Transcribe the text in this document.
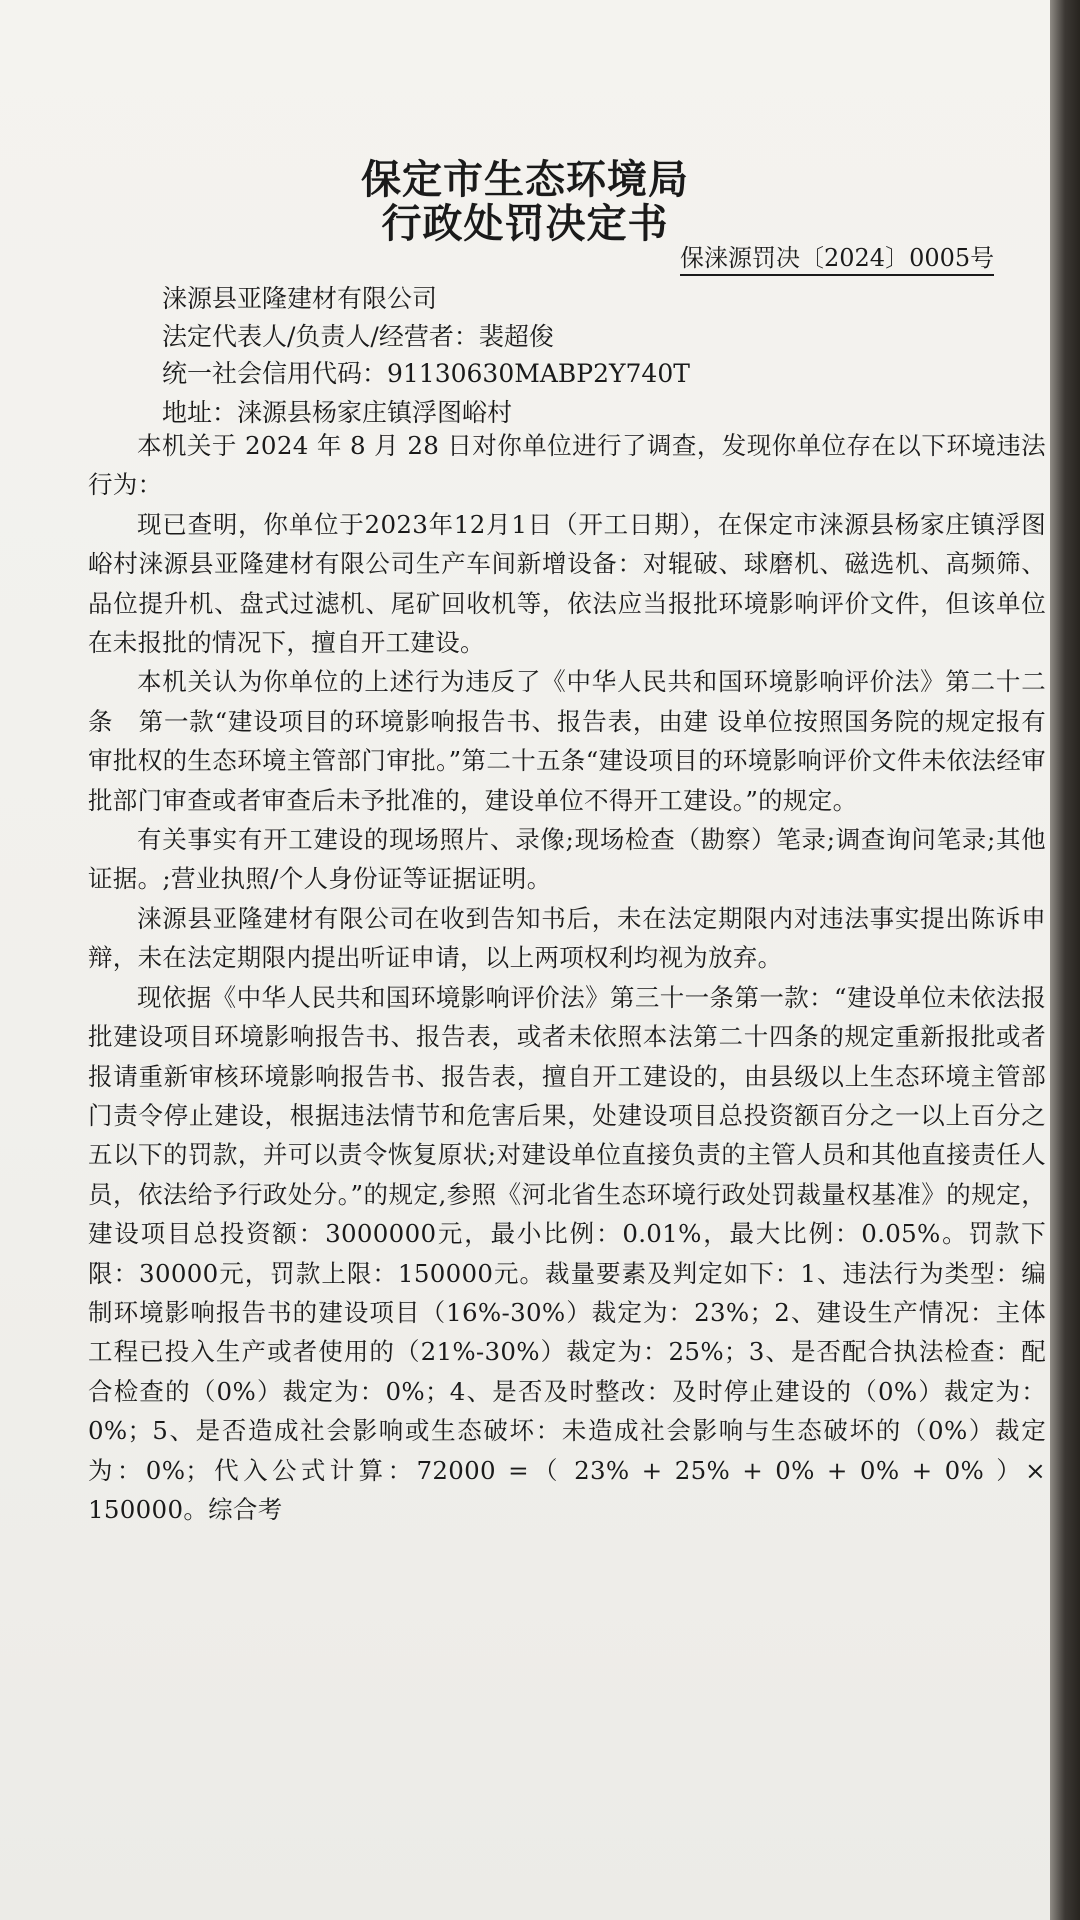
保定市生态环境局
行政处罚决定书
保涞源罚决〔2024〕0005号
涞源县亚隆建材有限公司
法定代表人/负责人/经营者：裴超俊
统一社会信用代码：91130630MABP2Y740T
地址：涞源县杨家庄镇浮图峪村

本机关于 2024 年 8 月 28 日对你单位进行了调查，发现你单位存在以下环境违法行为：

现已查明，你单位于2023年12月1日（开工日期），在保定市涞源县杨家庄镇浮图峪村涞源县亚隆建材有限公司生产车间新增设备：对辊破、球磨机、磁选机、高频筛、品位提升机、盘式过滤机、尾矿回收机等，依法应当报批环境影响评价文件，但该单位在未报批的情况下，擅自开工建设。

本机关认为你单位的上述行为违反了《中华人民共和国环境影响评价法》第二十二条　第一款“建设项目的环境影响报告书、报告表，由建 设单位按照国务院的规定报有审批权的生态环境主管部门审批。”第二十五条“建设项目的环境影响评价文件未依法经审批部门审查或者审查后未予批准的，建设单位不得开工建设。”的规定。

有关事实有开工建设的现场照片、录像;现场检查（勘察）笔录;调查询问笔录;其他证据。;营业执照/个人身份证等证据证明。

涞源县亚隆建材有限公司在收到告知书后，未在法定期限内对违法事实提出陈诉申辩，未在法定期限内提出听证申请，以上两项权利均视为放弃。

现依据《中华人民共和国环境影响评价法》第三十一条第一款：“建设单位未依法报批建设项目环境影响报告书、报告表，或者未依照本法第二十四条的规定重新报批或者报请重新审核环境影响报告书、报告表，擅自开工建设的，由县级以上生态环境主管部门责令停止建设，根据违法情节和危害后果，处建设项目总投资额百分之一以上百分之五以下的罚款，并可以责令恢复原状;对建设单位直接负责的主管人员和其他直接责任人员，依法给予行政处分。”的规定,参照《河北省生态环境行政处罚裁量权基准》的规定，建设项目总投资额：3000000元，最小比例：0.01%，最大比例：0.05%。罚款下限：30000元，罚款上限：150000元。裁量要素及判定如下：1、违法行为类型：编制环境影响报告书的建设项目（16%-30%）裁定为：23%；2、建设生产情况：主体工程已投入生产或者使用的（21%-30%）裁定为：25%；3、是否配合执法检查：配合检查的（0%）裁定为：0%；4、是否及时整改：及时停止建设的（0%）裁定为：0%；5、是否造成社会影响或生态破坏：未造成社会影响与生态破坏的（0%）裁定为：0%；代入公式计算：72000 =（ 23% + 25% + 0% + 0% + 0% ）× 150000。综合考
